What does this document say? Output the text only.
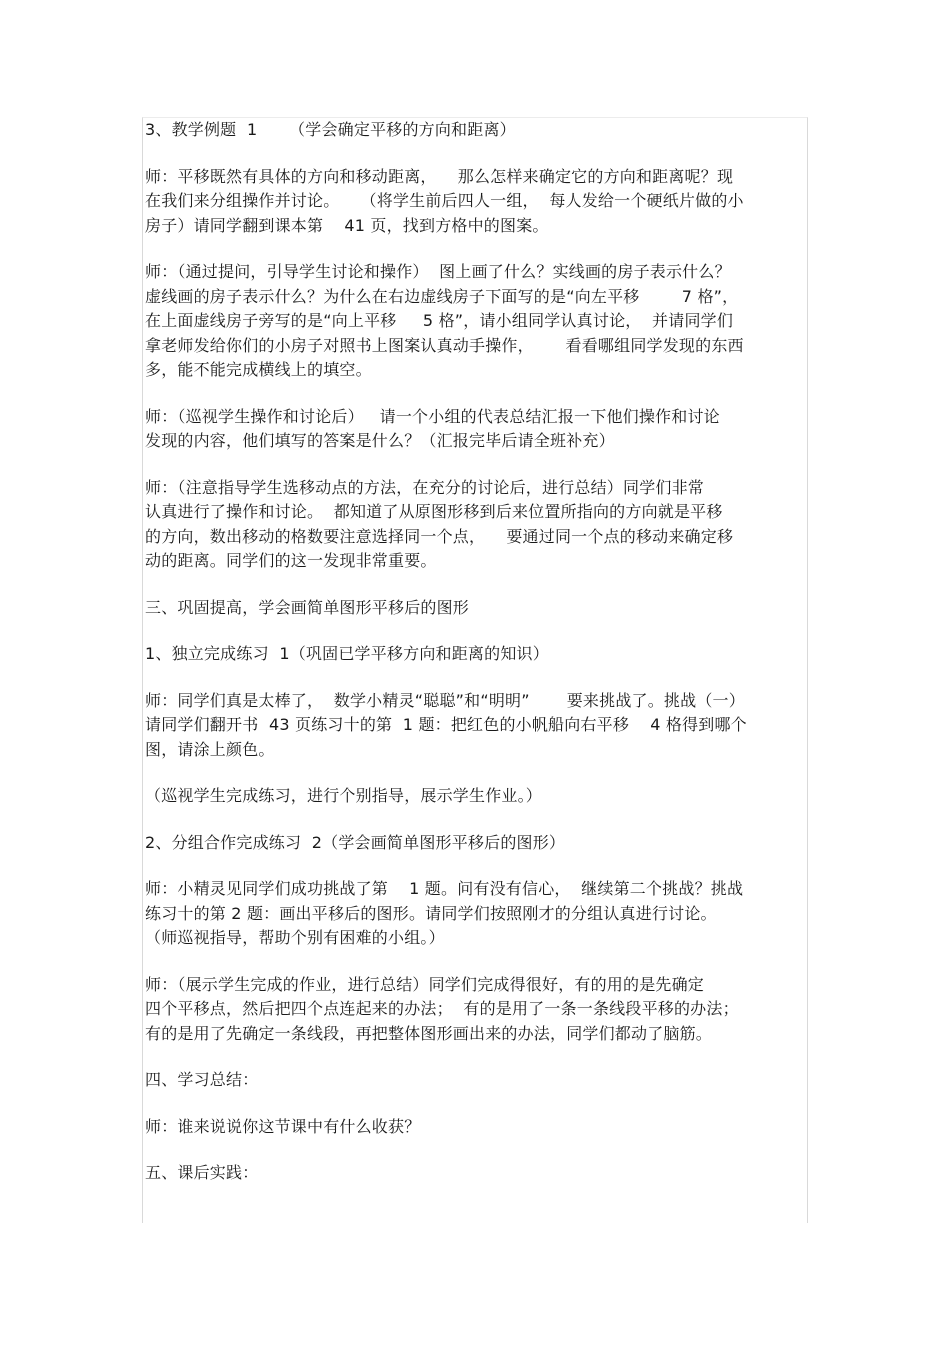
3、教学例题  1      （学会确定平移的方向和距离）

师：平移既然有具体的方向和移动距离，    那么怎样来确定它的方向和距离呢？现
在我们来分组操作并讨论。    （将学生前后四人一组，  每人发给一个硬纸片做的小
房子）请同学翻到课本第    41 页，找到方格中的图案。

师：（通过提问，引导学生讨论和操作）  图上画了什么？实线画的房子表示什么？
虚线画的房子表示什么？为什么在右边虚线房子下面写的是“向左平移        7 格”，
在上面虚线房子旁写的是“向上平移     5 格”，请小组同学认真讨论，  并请同学们
拿老师发给你们的小房子对照书上图案认真动手操作，      看看哪组同学发现的东西
多，能不能完成横线上的填空。

师：（巡视学生操作和讨论后）   请一个小组的代表总结汇报一下他们操作和讨论
发现的内容，他们填写的答案是什么？（汇报完毕后请全班补充）

师：（注意指导学生选移动点的方法，在充分的讨论后，进行总结）同学们非常
认真进行了操作和讨论。  都知道了从原图形移到后来位置所指向的方向就是平移
的方向，数出移动的格数要注意选择同一个点，    要通过同一个点的移动来确定移
动的距离。同学们的这一发现非常重要。

三、巩固提高，学会画简单图形平移后的图形

1、独立完成练习  1（巩固已学平移方向和距离的知识）

师：同学们真是太棒了，  数学小精灵“聪聪”和“明明”       要来挑战了。挑战（一）
请同学们翻开书  43 页练习十的第  1 题：把红色的小帆船向右平移    4 格得到哪个
图，请涂上颜色。

（巡视学生完成练习，进行个别指导，展示学生作业。）

2、分组合作完成练习  2（学会画简单图形平移后的图形）

师：小精灵见同学们成功挑战了第    1 题。问有没有信心，  继续第二个挑战？挑战
练习十的第 2 题：画出平移后的图形。请同学们按照刚才的分组认真进行讨论。
（师巡视指导，帮助个别有困难的小组。）

师：（展示学生完成的作业，进行总结）同学们完成得很好，有的用的是先确定
四个平移点，然后把四个点连起来的办法；  有的是用了一条一条线段平移的办法；
有的是用了先确定一条线段，再把整体图形画出来的办法，同学们都动了脑筋。

四、学习总结：

师：谁来说说你这节课中有什么收获？

五、课后实践：
